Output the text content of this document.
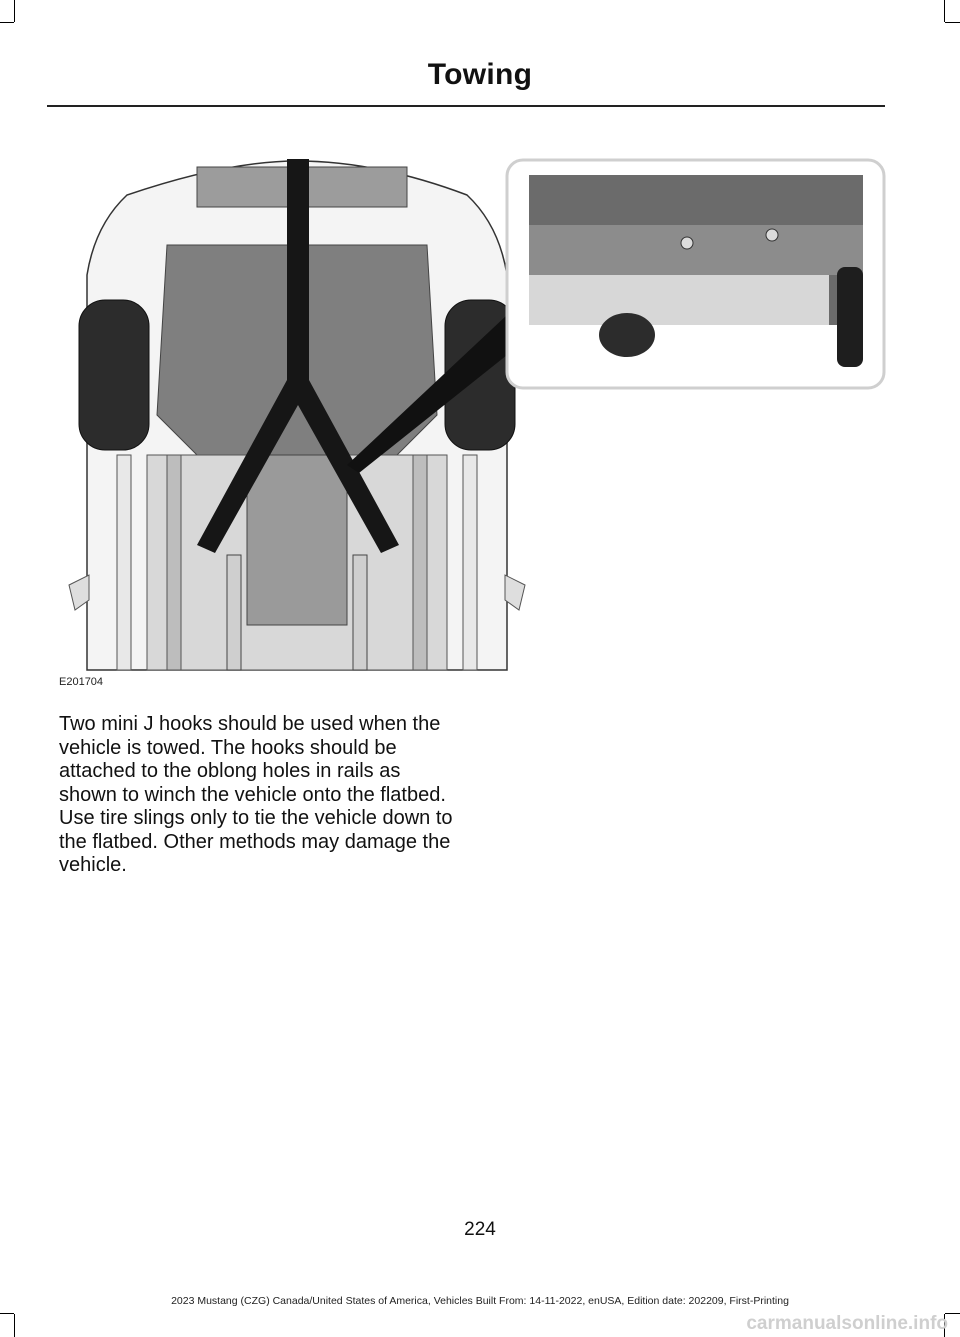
Towing
E201704

Two mini J hooks should be used when the vehicle is towed. The hooks should be attached to the oblong holes in rails as shown to winch the vehicle onto the flatbed. Use tire slings only to tie the vehicle down to the flatbed. Other methods may damage the vehicle.

224
2023 Mustang (CZG) Canada/United States of America, Vehicles Built From: 14-11-2022, enUSA, Edition date: 202209, First-Printing
carmanualsonline.info
